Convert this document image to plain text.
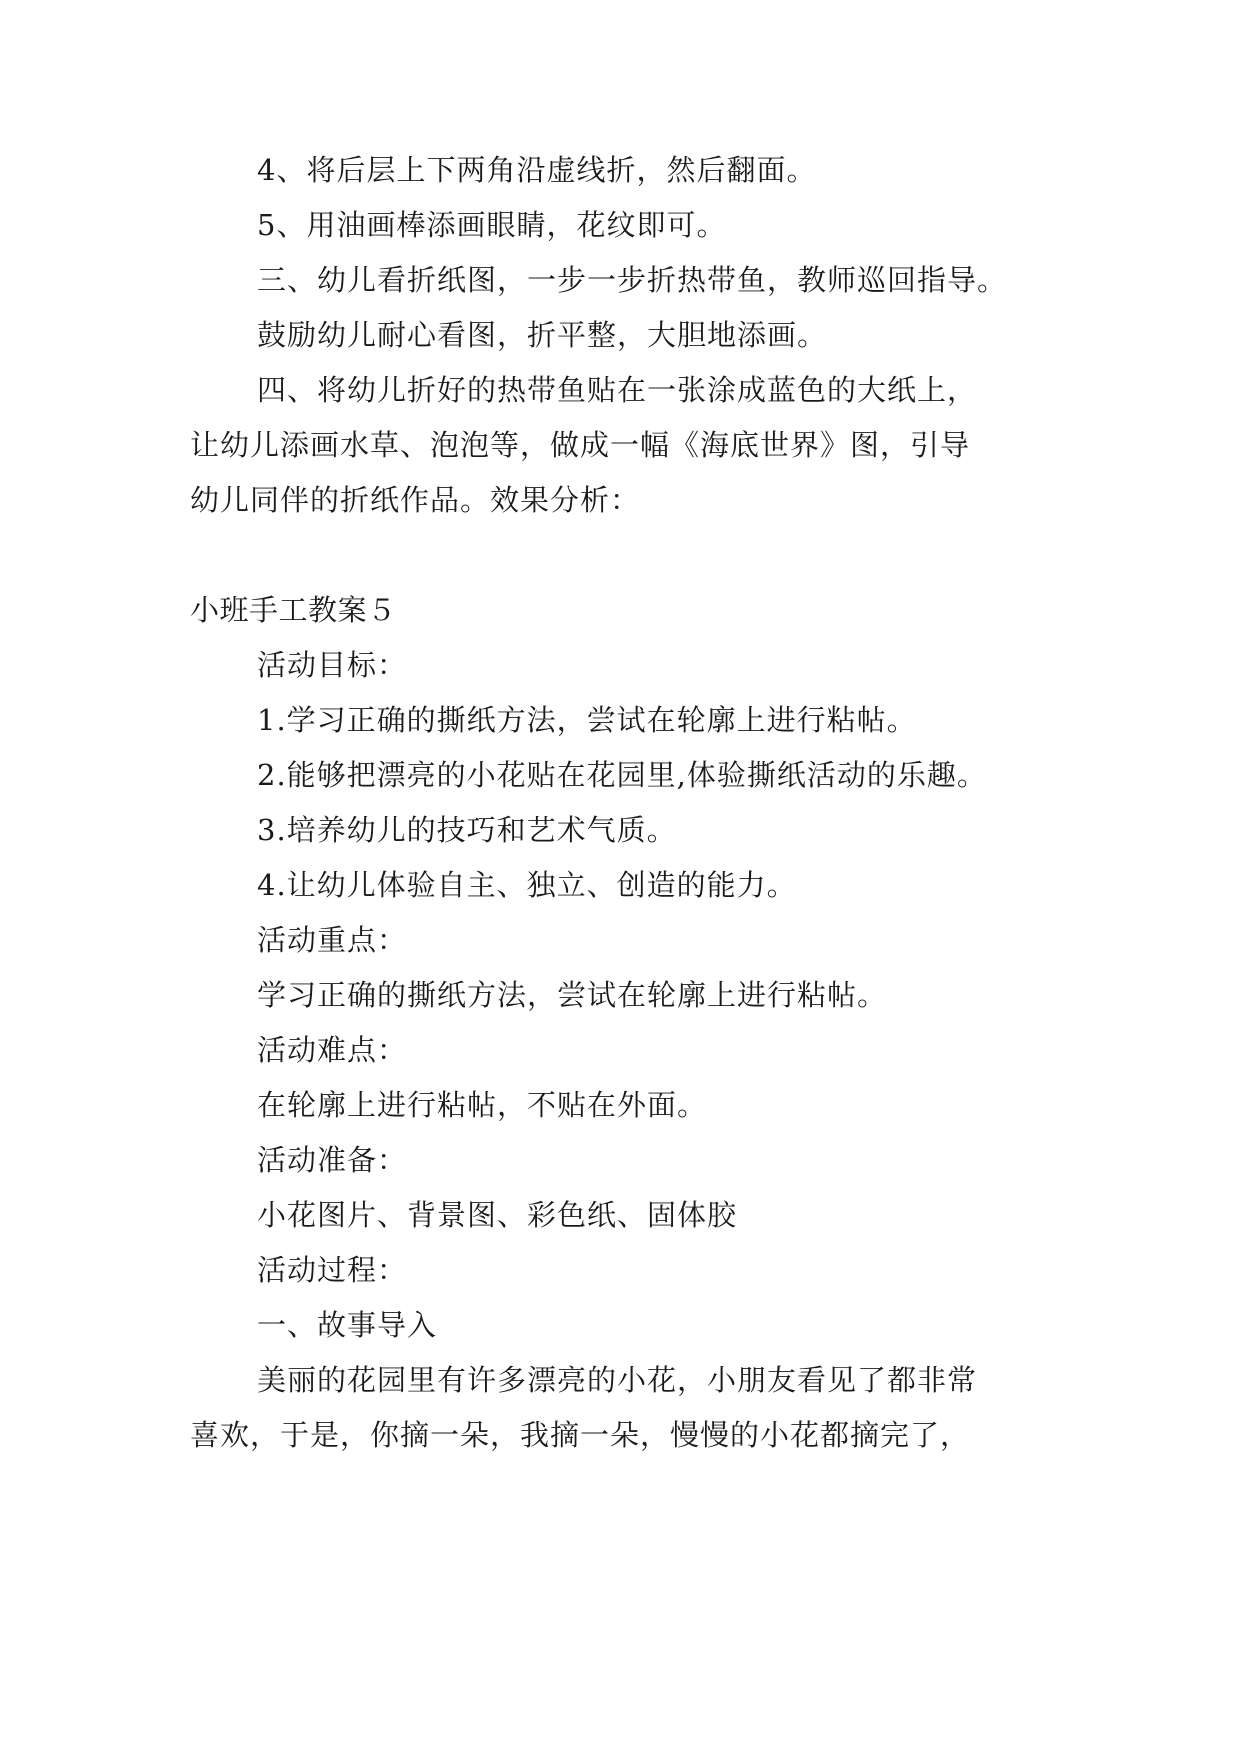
4、将后层上下两角沿虚线折，然后翻面。
5、用油画棒添画眼睛，花纹即可。
三、幼儿看折纸图，一步一步折热带鱼，教师巡回指导。
鼓励幼儿耐心看图，折平整，大胆地添画。
四、将幼儿折好的热带鱼贴在一张涂成蓝色的大纸上，
让幼儿添画水草、泡泡等，做成一幅《海底世界》图，引导
幼儿同伴的折纸作品。效果分析：
小班手工教案５
活动目标：
1.学习正确的撕纸方法，尝试在轮廓上进行粘帖。
2.能够把漂亮的小花贴在花园里,体验撕纸活动的乐趣。
3.培养幼儿的技巧和艺术气质。
4.让幼儿体验自主、独立、创造的能力。
活动重点：
学习正确的撕纸方法，尝试在轮廓上进行粘帖。
活动难点：
在轮廓上进行粘帖，不贴在外面。
活动准备：
小花图片、背景图、彩色纸、固体胶
活动过程：
一、故事导入
美丽的花园里有许多漂亮的小花，小朋友看见了都非常
喜欢，于是，你摘一朵，我摘一朵，慢慢的小花都摘完了，
